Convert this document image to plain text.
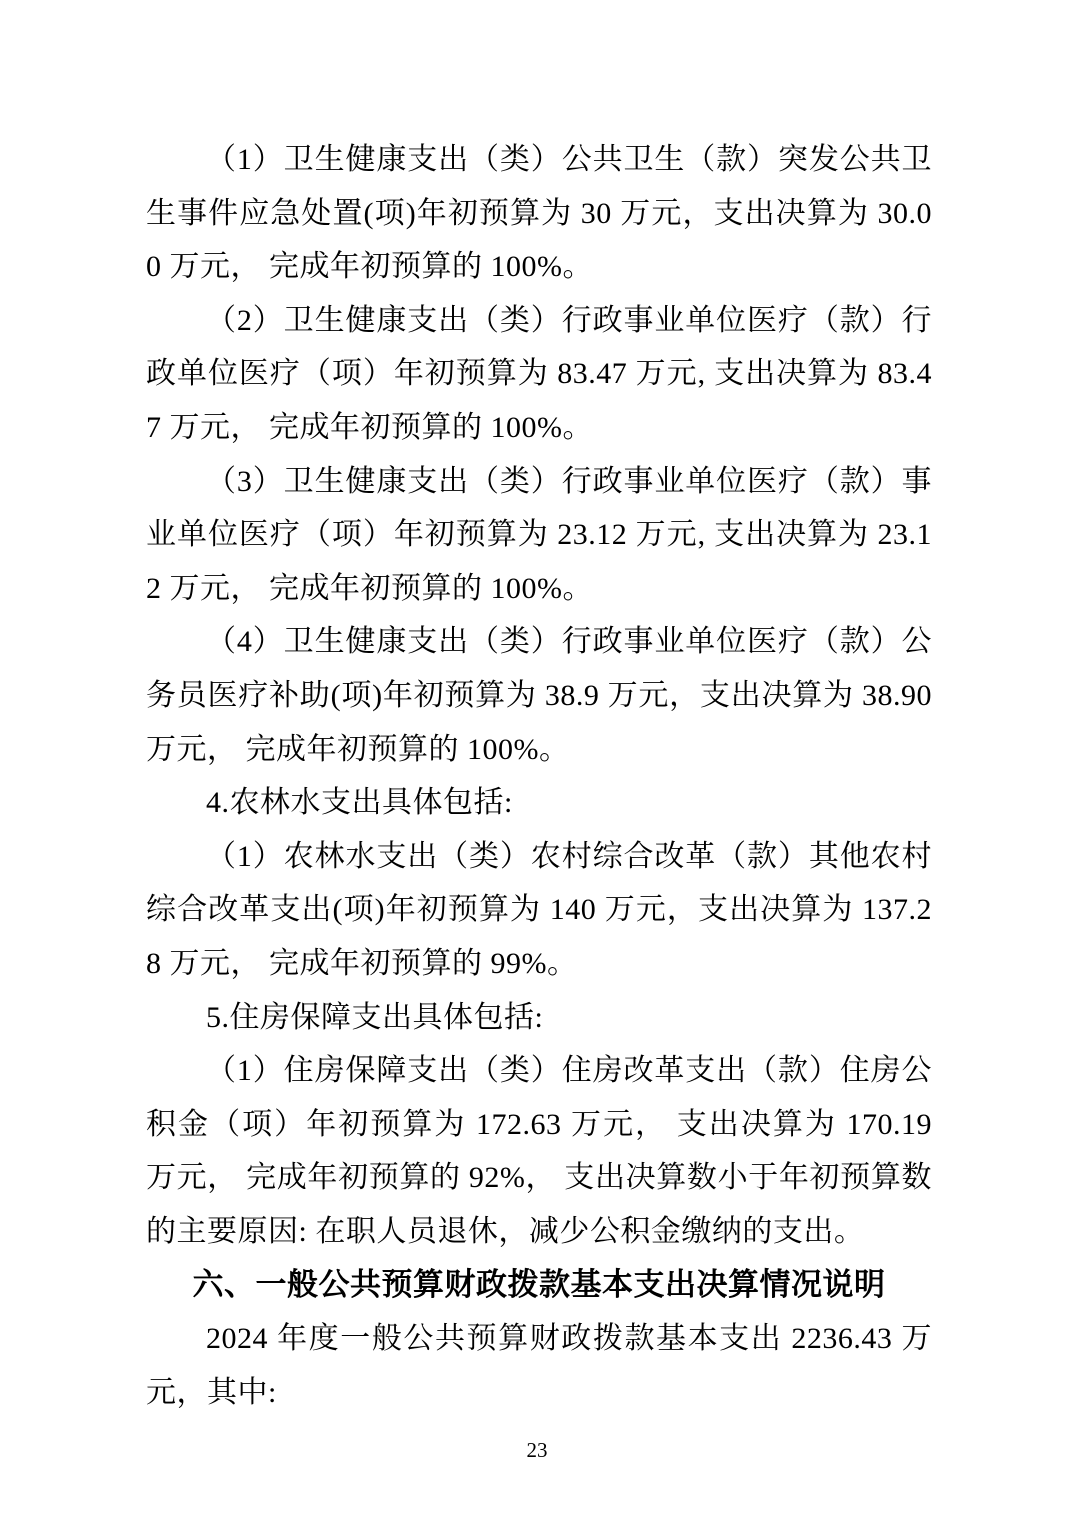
（1）卫生健康支出（类）公共卫生（款）突发公共卫生事件应急处置(项)年初预算为 30 万元，支出决算为 30.00 万元， 完成年初预算的 100%。

（2）卫生健康支出（类）行政事业单位医疗（款）行政单位医疗（项）年初预算为 83.47 万元, 支出决算为 83.47 万元， 完成年初预算的 100%。

（3）卫生健康支出（类）行政事业单位医疗（款）事业单位医疗（项）年初预算为 23.12 万元, 支出决算为 23.12 万元， 完成年初预算的 100%。

（4）卫生健康支出（类）行政事业单位医疗（款）公务员医疗补助(项)年初预算为 38.9 万元，支出决算为 38.90 万元， 完成年初预算的 100%。

4.农林水支出具体包括:

（1）农林水支出（类）农村综合改革（款）其他农村综合改革支出(项)年初预算为 140 万元，支出决算为 137.28 万元， 完成年初预算的 99%。

5.住房保障支出具体包括:

（1）住房保障支出（类）住房改革支出（款）住房公积金（项）年初预算为 172.63 万元， 支出决算为 170.19 万元， 完成年初预算的 92%， 支出决算数小于年初预算数的主要原因: 在职人员退休，减少公积金缴纳的支出。

六、一般公共预算财政拨款基本支出决算情况说明

2024 年度一般公共预算财政拨款基本支出 2236.43 万元，其中:

23
